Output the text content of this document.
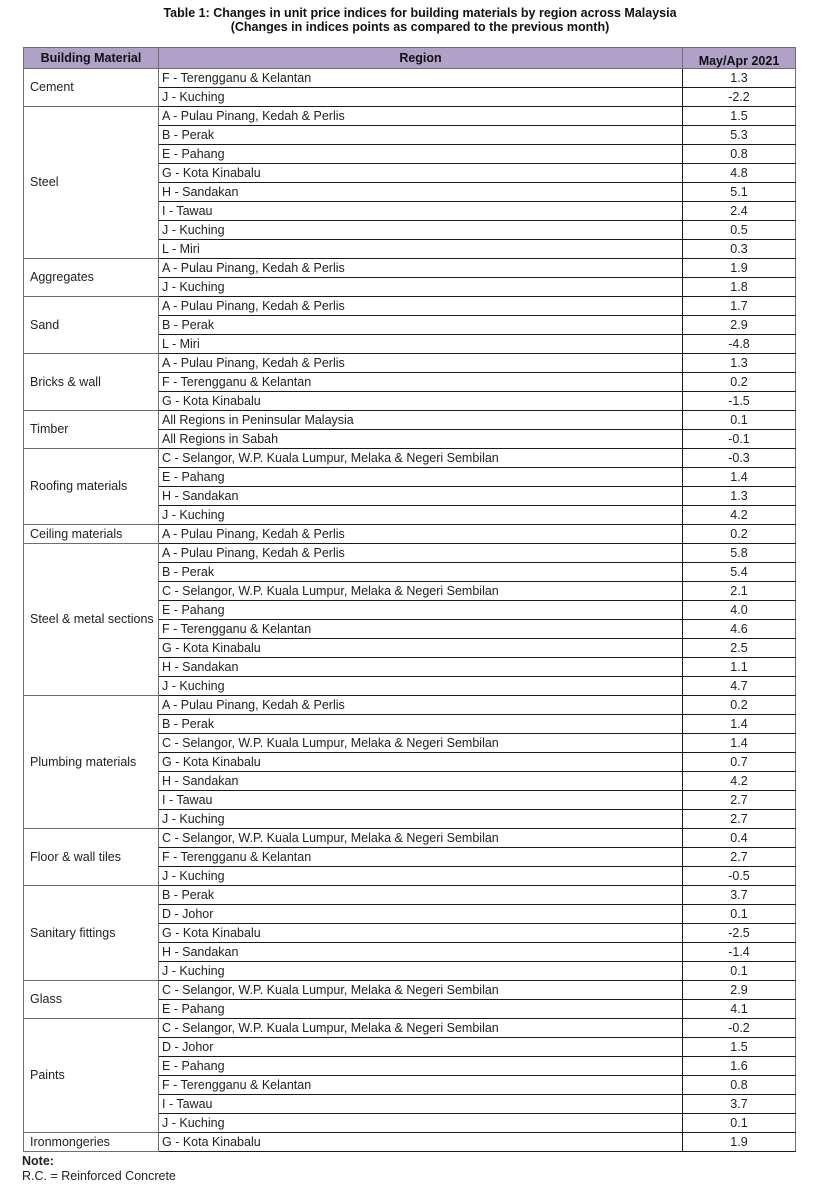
Table 1: Changes in unit price indices for building materials by region across Malaysia
(Changes in indices points as compared to the previous month)
Building Material	Region	May/Apr 2021
Cement	F - Terengganu & Kelantan	1.3
	J - Kuching	-2.2
Steel	A - Pulau Pinang, Kedah & Perlis	1.5
	B - Perak	5.3
	E - Pahang	0.8
	G - Kota Kinabalu	4.8
	H - Sandakan	5.1
	I - Tawau	2.4
	J - Kuching	0.5
	L - Miri	0.3
Aggregates	A - Pulau Pinang, Kedah & Perlis	1.9
	J - Kuching	1.8
Sand	A - Pulau Pinang, Kedah & Perlis	1.7
	B - Perak	2.9
	L - Miri	-4.8
Bricks & wall	A - Pulau Pinang, Kedah & Perlis	1.3
	F - Terengganu & Kelantan	0.2
	G - Kota Kinabalu	-1.5
Timber	All Regions in Peninsular Malaysia	0.1
	All Regions in Sabah	-0.1
Roofing materials	C - Selangor, W.P. Kuala Lumpur, Melaka & Negeri Sembilan	-0.3
	E - Pahang	1.4
	H - Sandakan	1.3
	J - Kuching	4.2
Ceiling materials	A - Pulau Pinang, Kedah & Perlis	0.2
Steel & metal sections	A - Pulau Pinang, Kedah & Perlis	5.8
	B - Perak	5.4
	C - Selangor, W.P. Kuala Lumpur, Melaka & Negeri Sembilan	2.1
	E - Pahang	4.0
	F - Terengganu & Kelantan	4.6
	G - Kota Kinabalu	2.5
	H - Sandakan	1.1
	J - Kuching	4.7
Plumbing materials	A - Pulau Pinang, Kedah & Perlis	0.2
	B - Perak	1.4
	C - Selangor, W.P. Kuala Lumpur, Melaka & Negeri Sembilan	1.4
	G - Kota Kinabalu	0.7
	H - Sandakan	4.2
	I - Tawau	2.7
	J - Kuching	2.7
Floor & wall tiles	C - Selangor, W.P. Kuala Lumpur, Melaka & Negeri Sembilan	0.4
	F - Terengganu & Kelantan	2.7
	J - Kuching	-0.5
Sanitary fittings	B - Perak	3.7
	D - Johor	0.1
	G - Kota Kinabalu	-2.5
	H - Sandakan	-1.4
	J - Kuching	0.1
Glass	C - Selangor, W.P. Kuala Lumpur, Melaka & Negeri Sembilan	2.9
	E - Pahang	4.1
Paints	C - Selangor, W.P. Kuala Lumpur, Melaka & Negeri Sembilan	-0.2
	D - Johor	1.5
	E - Pahang	1.6
	F - Terengganu & Kelantan	0.8
	I - Tawau	3.7
	J - Kuching	0.1
Ironmongeries	G - Kota Kinabalu	1.9
Note:
R.C. = Reinforced Concrete
